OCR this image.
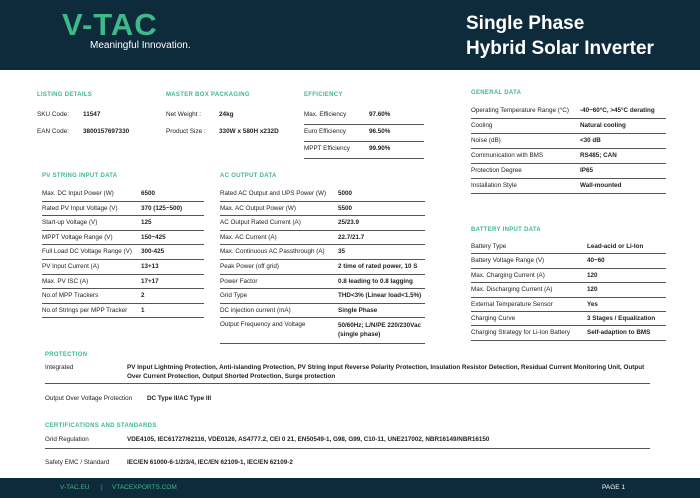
V-TAC
Meaningful Innovation.
Single Phase
Hybrid Solar Inverter
LISTING DETAILS
SKU Code: 11547
EAN Code: 3800157697330
MASTER BOX PACKAGING
Net Weight :	24kg
Product Size : 330W x 580H x232D
EFFICIENCY
Max. Efficiency	97.60%
Euro Efficiency	96.50%
MPPT Efficiency	99.90%
GENERAL DATA
Operating Temperature Range (°C) -40~60°C, >45°C derating
Cooling	Natural cooling
Noise (dB)	<30 dB
Communication with BMS	RS485; CAN
Protection Degree	IP65
Installation Style	Wall-mounted
PV STRING INPUT DATA
Max. DC Input Power (W)	6500
Rated PV Input Voltage (V)	370 (125~500)
Start-up Voltage (V)	125
MPPT Voltage Range (V)	150~425
Full Load DC Voltage Range (V) 300-425
PV Input Current (A)	13+13
Max. PV ISC (A)	17+17
No.of MPP Trackers	2
No.of Strings per MPP Tracker 1
AC OUTPUT DATA
Rated AC Output and UPS Power (W) 5000
Max. AC Output Power (W)	5500
AC Output Rated Current (A)	25/23.9
Max. AC Current (A)	22.7/21.7
Max. Continuous AC Passthrough (A) 35
Peak Power (off grid)	2 time of rated power, 10 S
Power Factor	0.8 leading to 0.8 lagging
Grid Type	THD<3% (Linear load<1.5%)
DC injection current (mA)	Single Phase
Output Frequency and Voltage	50/60Hz; L/N/PE 220/230Vac (single phase)
BATTERY INPUT DATA
Battery Type	Lead-acid or Li-Ion
Battery Voltage Range (V)	40~60
Max. Charging Current (A)	120
Max. Discharging Current (A)	120
External Temperature Sensor	Yes
Charging Curve	3 Stages / Equalization
Charging Strategy for Li-Ion Battery	Self-adaption to BMS
PROTECTION
Integrated	PV Input Lightning Protection, Anti-islanding Protection, PV String Input Reverse Polarity Protection, Insulation Resistor Detection, Residual Current Monitoring Unit, Output
Over Current Protection, Output Shorted Protection, Surge protection
Output Over Voltage Protection DC Type II/AC Type III
CERTIFICATIONS AND STANDARDS
Grid Regulation	VDE4105, IEC61727/62116, VDE0126, AS4777.2, CEI 0 21, EN50549-1, G98, G99, C10-11, UNE217002, NBR16149/NBR16150
Safety EMC / Standard	IEC/EN 61000-6-1/2/3/4, IEC/EN 62109-1, IEC/EN 62109-2
V-TAC.EU | VTACEXPORTS.COM	PAGE 1
